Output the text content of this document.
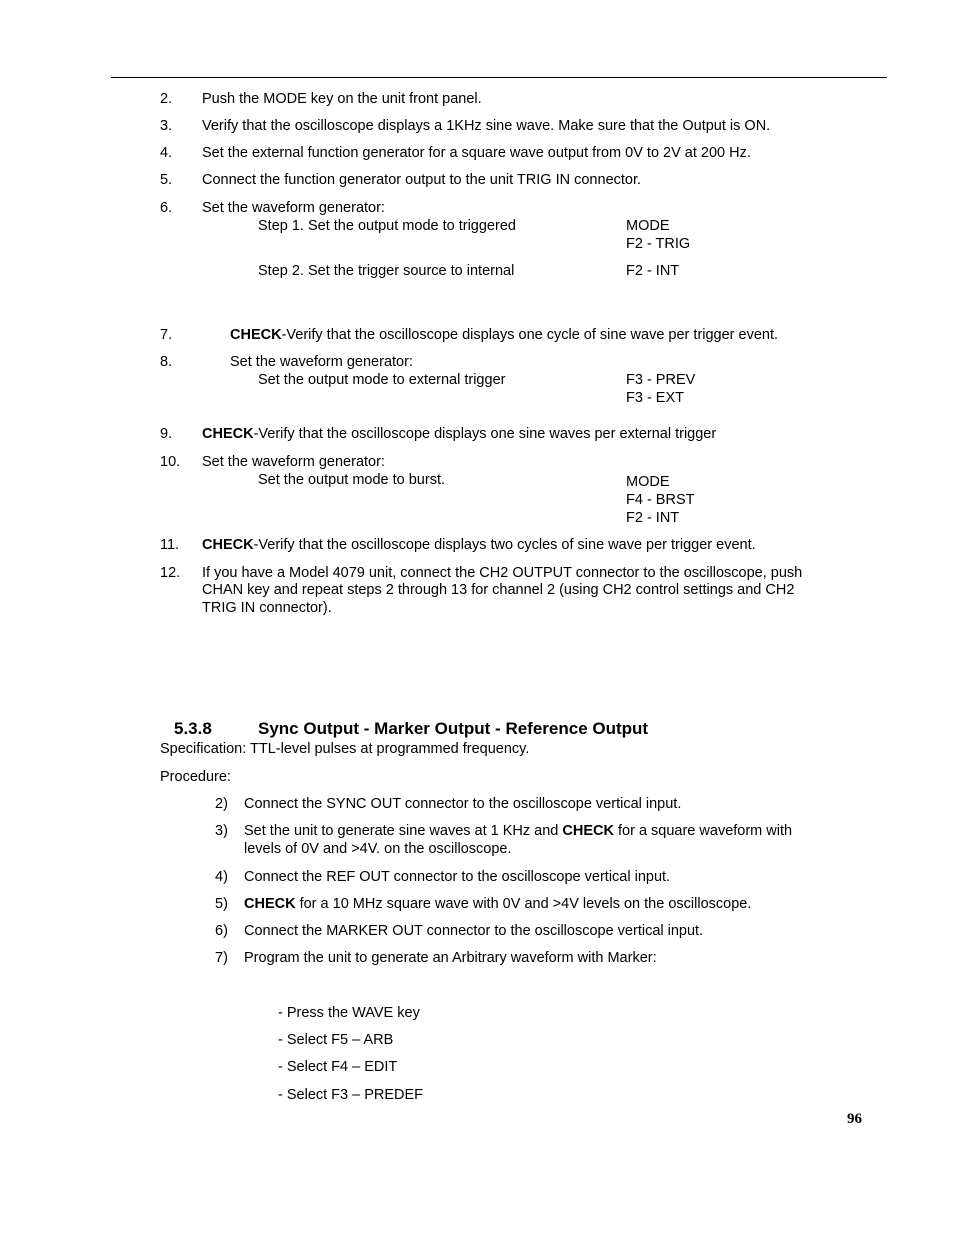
2. Push the MODE key on the unit front panel.
3. Verify that the oscilloscope displays a 1KHz sine wave. Make sure that the Output is ON.
4. Set the external function generator for a square wave output from 0V to 2V at 200 Hz.
5. Connect the function generator output to the unit TRIG IN connector.
6. Set the waveform generator:
Step 1. Set the output mode to triggered	MODE
F2 - TRIG
Step 2. Set the trigger source to internal	F2 - INT
7.	CHECK-Verify that the oscilloscope displays one cycle of sine wave per trigger event.
8.	Set the waveform generator:
Set the output mode to external trigger	F3 - PREV
F3 - EXT
9. CHECK-Verify that the oscilloscope displays one sine waves per external trigger
10. Set the waveform generator:
Set the output mode to burst.	MODE
F4 - BRST
F2 - INT
11. CHECK-Verify that the oscilloscope displays two cycles of sine wave per trigger event.
12. If you have a Model 4079 unit, connect the CH2 OUTPUT connector to the oscilloscope, push
CHAN key and repeat steps 2 through 13 for channel 2 (using CH2 control settings and CH2
TRIG IN connector).
5.3.8	Sync Output - Marker Output - Reference Output
Specification: TTL-level pulses at programmed frequency.
Procedure:
2) Connect the SYNC OUT connector to the oscilloscope vertical input.
3) Set the unit to generate sine waves at 1 KHz and CHECK for a square waveform with
levels of 0V and >4V. on the oscilloscope.
4) Connect the REF OUT connector to the oscilloscope vertical input.
5) CHECK for a 10 MHz square wave with 0V and >4V levels on the oscilloscope.
6) Connect the MARKER OUT connector to the oscilloscope vertical input.
7) Program the unit to generate an Arbitrary waveform with Marker:
- Press the WAVE key
- Select F5 – ARB
- Select F4 – EDIT
- Select F3 – PREDEF
96
